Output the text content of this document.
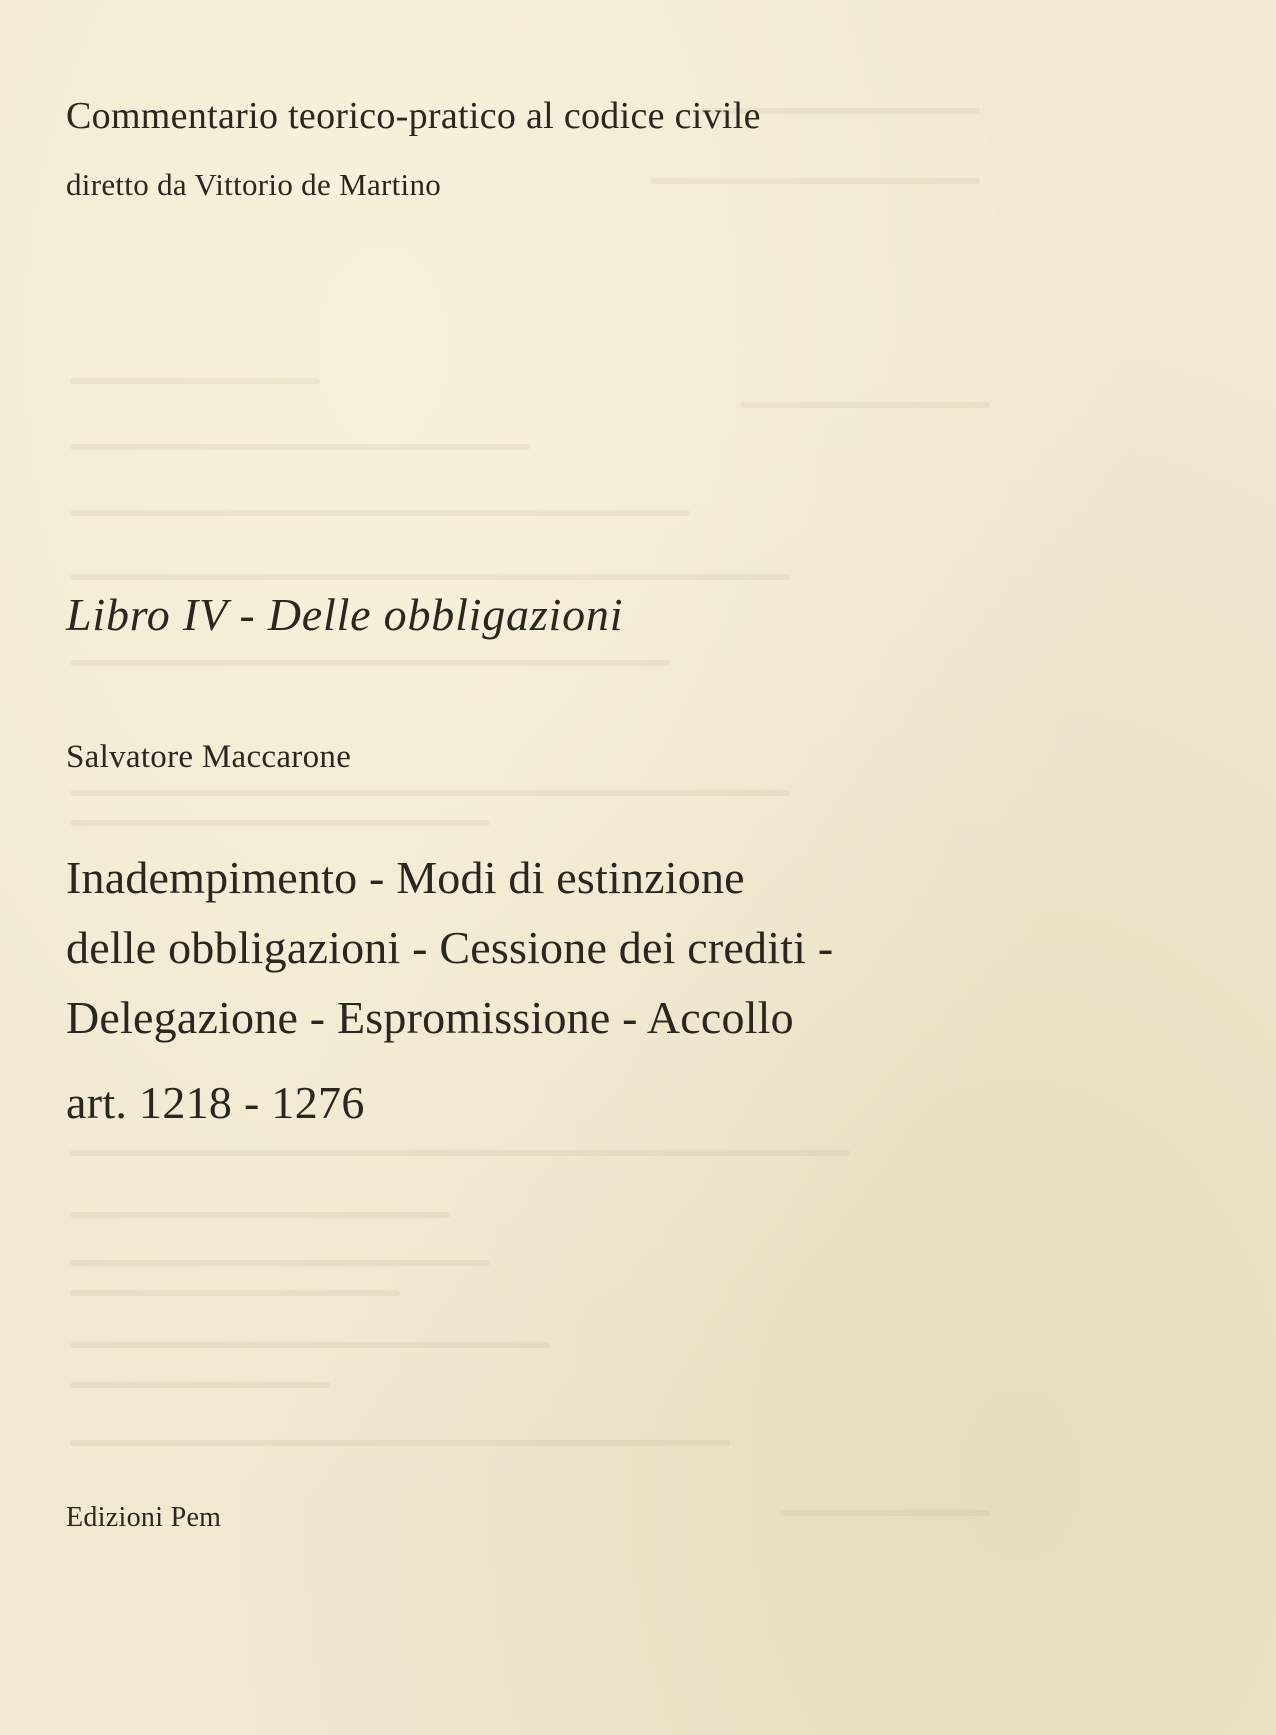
Commentario teorico-pratico al codice civile
diretto da Vittorio de Martino
Libro IV - Delle obbligazioni
Salvatore Maccarone
Inadempimento - Modi di estinzione
delle obbligazioni - Cessione dei crediti -
Delegazione - Espromissione - Accollo
art. 1218 - 1276
Edizioni Pem
